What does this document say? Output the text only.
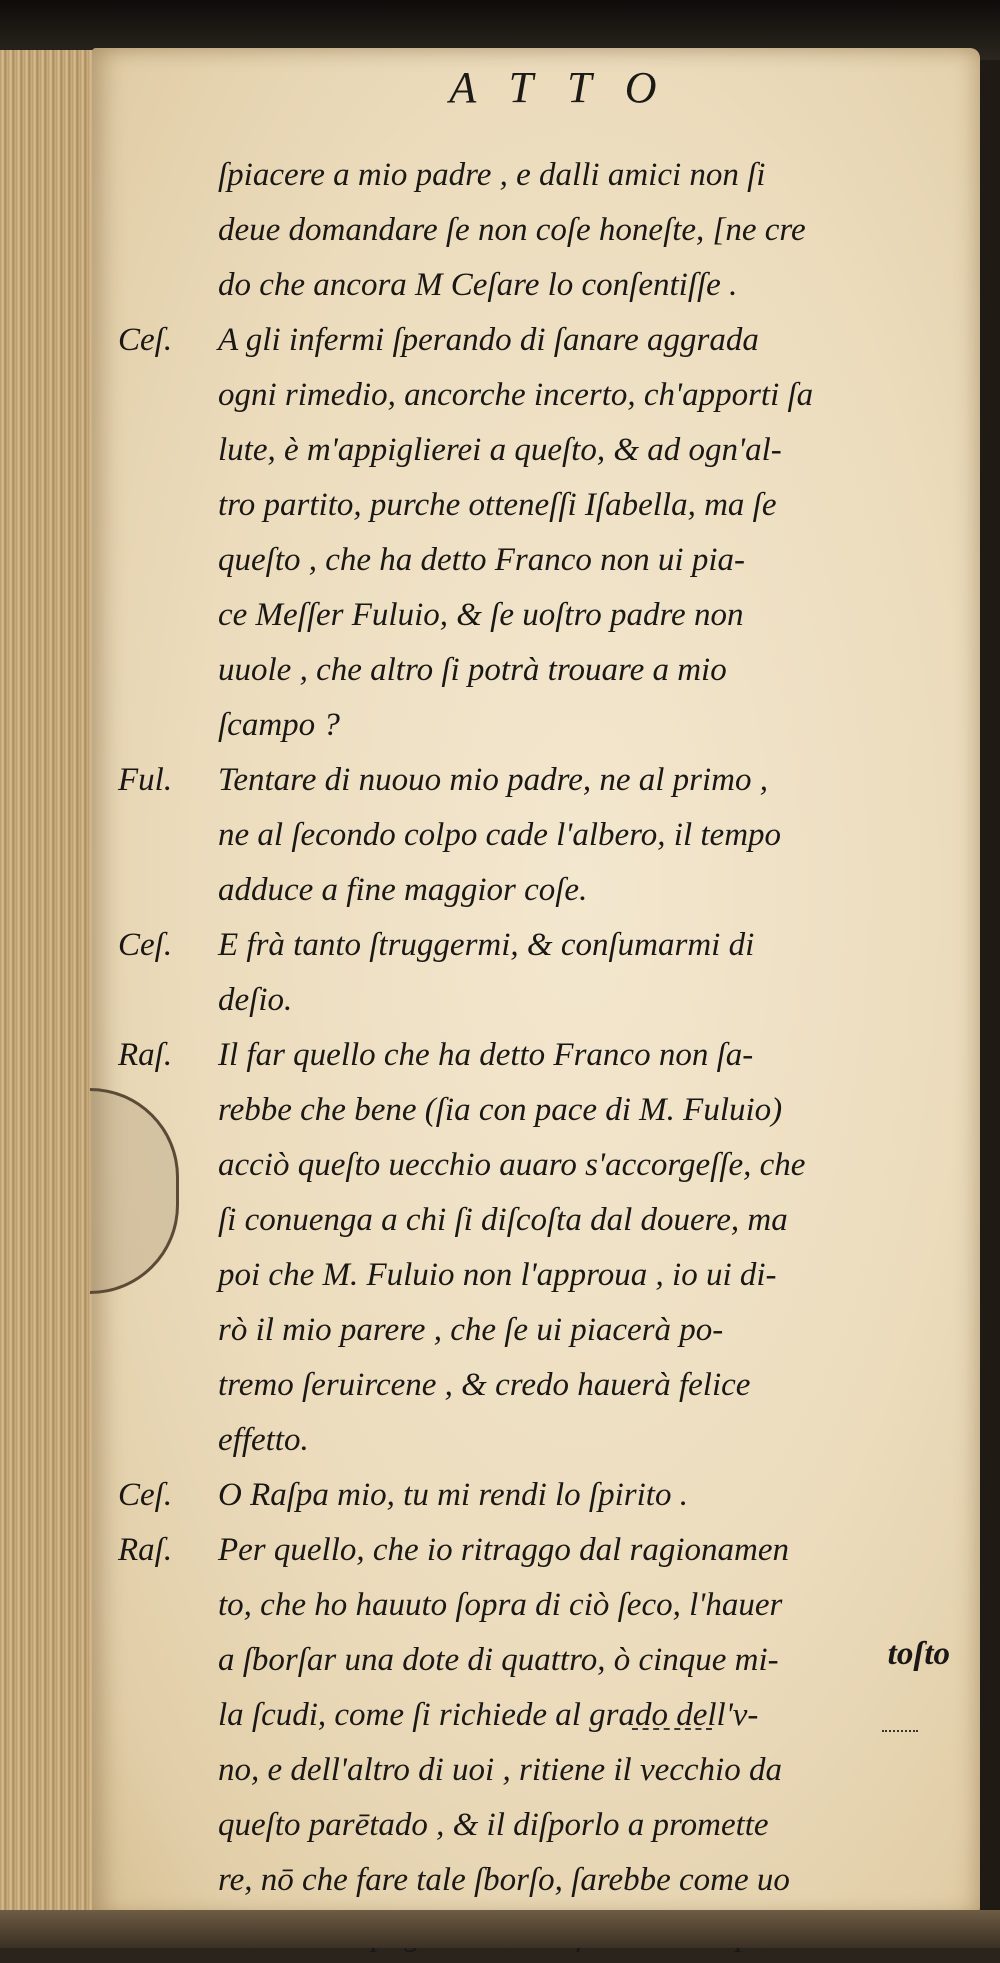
ATTO
ſpiacere a mio padre , e dalli amici non ſi
deue domandare ſe non coſe honeſte, [ne cre
do che ancora M Ceſare lo conſentiſſe .
Ceſ.	A gli infermi ſperando di ſanare aggrada
ogni rimedio, ancorche incerto, ch'apporti ſa
lute, è m'appiglierei a queſto, & ad ogn'al-
tro partito, purche otteneſſi Iſabella, ma ſe
queſto , che ha detto Franco non ui pia-
ce Meſſer Fuluio, & ſe uoſtro padre non
uuole , che altro ſi potrà trouare a mio
ſcampo ?
Ful.	Tentare di nuouo mio padre, ne al primo ,
ne al ſecondo colpo cade l'albero, il tempo
adduce a fine maggior coſe.
Ceſ.	E frà tanto ſtruggermi, & conſumarmi di
deſio.
Raſ.	Il far quello che ha detto Franco non ſa-
rebbe che bene (ſia con pace di M. Fuluio)
acciò queſto uecchio auaro s'accorgeſſe, che
ſi conuenga a chi ſi diſcoſta dal douere, ma
poi che M. Fuluio non l'approua , io ui di-
rò il mio parere , che ſe ui piacerà po-
tremo ſeruircene , & credo hauerà felice
effetto.
Ceſ.	O Raſpa mio, tu mi rendi lo ſpirito .
Raſ.	Per quello, che io ritraggo dal ragionamen
to, che ho hauuto ſopra di ciò ſeco, l'hauer
a ſborſar una dote di quattro, ò cinque mi-
la ſcudi, come ſi richiede al grado dell'v-
no, e dell'altro di uoi , ritiene il vecchio da
queſto parētado , & il diſporlo a promette
re, nō che fare tale ſborſo, ſarebbe come uo
toſto
